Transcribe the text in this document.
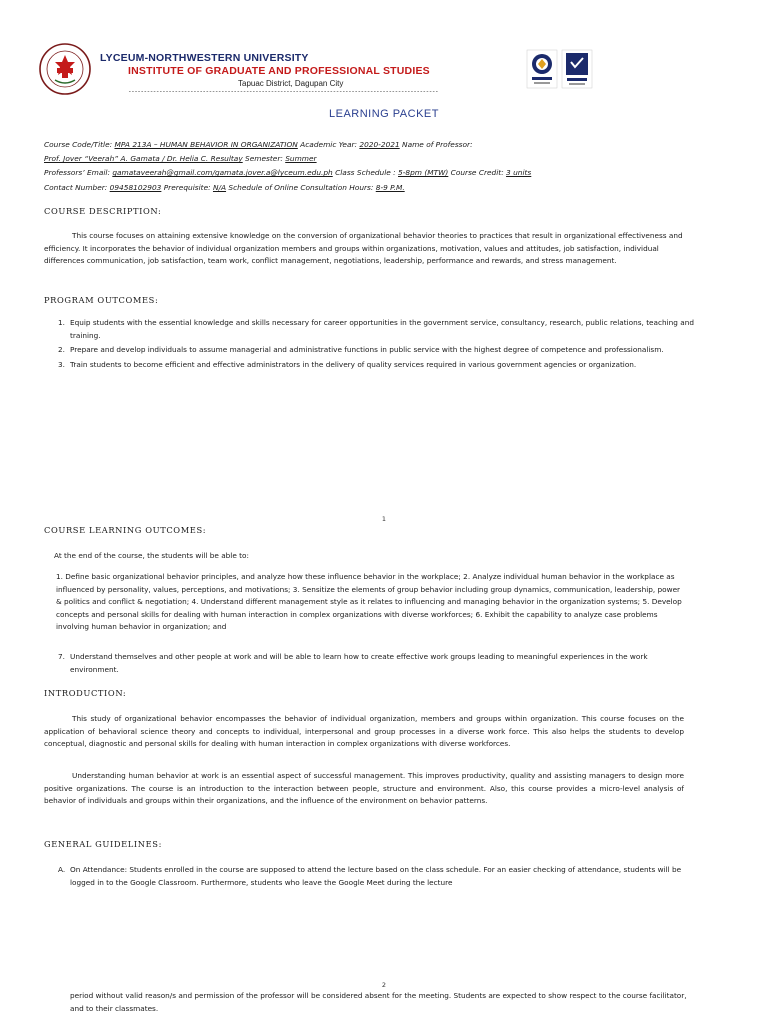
LYCEUM-NORTHWESTERN UNIVERSITY
INSTITUTE OF GRADUATE AND PROFESSIONAL STUDIES
Tapuac District, Dagupan City
----------------------------------------------------------------------------------------------------
LEARNING PACKET
Course Code/Title: MPA 213A – HUMAN BEHAVIOR IN ORGANIZATION Academic Year: 2020-2021 Name of Professor:
Prof. Jover “Veerah” A. Gamata / Dr. Helia C. Resultay Semester: Summer
Professors’ Email: gamataveerah@gmail.com/gamata.jover.a@lyceum.edu.ph Class Schedule : 5-8pm (MTW) Course Credit: 3 units
Contact Number: 09458102903 Prerequisite: N/A Schedule of Online Consultation Hours: 8-9 P.M.
COURSE DESCRIPTION:
This course focuses on attaining extensive knowledge on the conversion of organizational behavior theories to practices that result in organizational effectiveness and efficiency. It incorporates the behavior of individual organization members and groups within organizations, motivation, values and attitudes, job satisfaction, individual differences communication, job satisfaction, team work, conflict management, negotiations, leadership, performance and rewards, and stress management.
PROGRAM OUTCOMES:
1. Equip students with the essential knowledge and skills necessary for career opportunities in the government service, consultancy, research, public relations, teaching and training.
2. Prepare and develop individuals to assume managerial and administrative functions in public service with the highest degree of competence and professionalism.
3. Train students to become efficient and effective administrators in the delivery of quality services required in various government agencies or organization.
1
COURSE LEARNING OUTCOMES:
At the end of the course, the students will be able to:
1. Define basic organizational behavior principles, and analyze how these influence behavior in the workplace; 2. Analyze individual human behavior in the workplace as influenced by personality, values, perceptions, and motivations; 3. Sensitize the elements of group behavior including group dynamics, communication, leadership, power & politics and conflict & negotiation; 4. Understand different management style as it relates to influencing and managing behavior in the organization systems; 5. Develop concepts and personal skills for dealing with human interaction in complex organizations with diverse workforces; 6. Exhibit the capability to analyze case problems involving human behavior in organization; and
7. Understand themselves and other people at work and will be able to learn how to create effective work groups leading to meaningful experiences in the work environment.
INTRODUCTION:
This study of organizational behavior encompasses the behavior of individual organization, members and groups within organization. This course focuses on the application of behavioral science theory and concepts to individual, interpersonal and group processes in a diverse work force. This also helps the students to develop conceptual, diagnostic and personal skills for dealing with human interaction in complex organizations with diverse workforces.
Understanding human behavior at work is an essential aspect of successful management. This improves productivity, quality and assisting managers to design more positive organizations. The course is an introduction to the interaction between people, structure and environment. Also, this course provides a micro-level analysis of behavior of individuals and groups within their organizations, and the influence of the environment on behavior patterns.
GENERAL GUIDELINES:
A. On Attendance: Students enrolled in the course are supposed to attend the lecture based on the class schedule. For an easier checking of attendance, students will be logged in to the Google Classroom. Furthermore, students who leave the Google Meet during the lecture
2
period without valid reason/s and permission of the professor will be considered absent for the meeting. Students are expected to show respect to the course facilitator, and to their classmates.
